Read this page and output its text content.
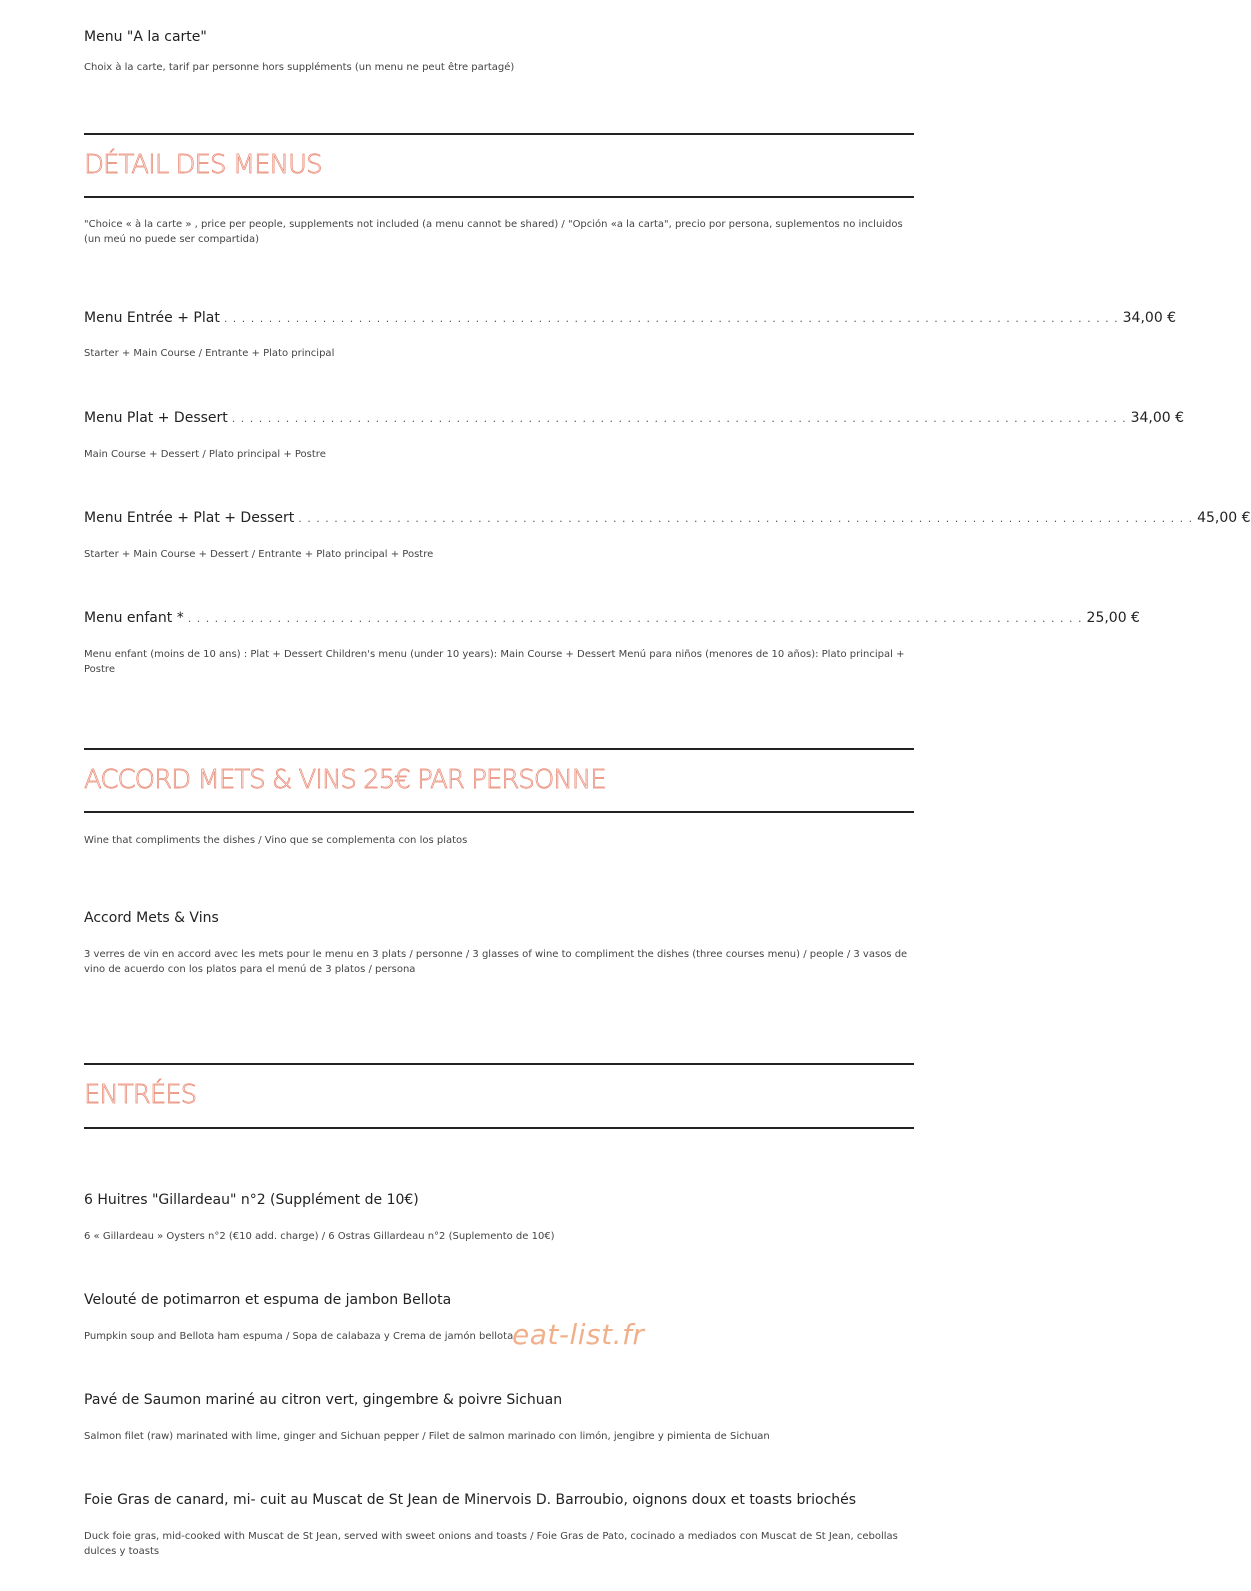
Menu "A la carte"
Choix à la carte, tarif par personne hors suppléments (un menu ne peut être partagé)
DÉTAIL DES MENUS
"Choice « à la carte » , price per people, supplements not included (a menu cannot be shared) / "Opción «a la carta", precio por persona, suplementos no incluidos (un meú no puede ser compartida)
Menu Entrée + Plat . . . . . . . . . . . . . . . . . . . . . . . . . . . . . . . . . . . . . . . . . . . . . . . . . . . . . . . . . . . . . . . . . . . . . . . . . . . . . . . . . . . . . . . . . . . . . . . . . . . . 34,00 €
Starter + Main Course / Entrante + Plato principal
Menu Plat + Dessert . . . . . . . . . . . . . . . . . . . . . . . . . . . . . . . . . . . . . . . . . . . . . . . . . . . . . . . . . . . . . . . . . . . . . . . . . . . . . . . . . . . . . . . . . . . . . . . . . . . . 34,00 €
Main Course + Dessert / Plato principal + Postre
Menu Entrée + Plat + Dessert . . . . . . . . . . . . . . . . . . . . . . . . . . . . . . . . . . . . . . . . . . . . . . . . . . . . . . . . . . . . . . . . . . . . . . . . . . . . . . . . . . . . . . . . . . . . . . . . . . . . 45,00 €
Starter + Main Course + Dessert / Entrante + Plato principal + Postre
Menu enfant * . . . . . . . . . . . . . . . . . . . . . . . . . . . . . . . . . . . . . . . . . . . . . . . . . . . . . . . . . . . . . . . . . . . . . . . . . . . . . . . . . . . . . . . . . . . . . . . . . . . . 25,00 €
Menu enfant (moins de 10 ans) : Plat + Dessert Children's menu (under 10 years): Main Course + Dessert Menú para niños (menores de 10 años): Plato principal + Postre
ACCORD METS & VINS 25€ PAR PERSONNE
Wine that compliments the dishes / Vino que se complementa con los platos
Accord Mets & Vins
3 verres de vin en accord avec les mets pour le menu en 3 plats / personne / 3 glasses of wine to compliment the dishes (three courses menu) / people / 3 vasos de vino de acuerdo con los platos para el menú de 3 platos / persona
ENTRÉES
6 Huitres "Gillardeau" n°2 (Supplément de 10€)
6 « Gillardeau » Oysters n°2 (€10 add. charge) / 6 Ostras Gillardeau n°2 (Suplemento de 10€)
Velouté de potimarron et espuma de jambon Bellota
Pumpkin soup and Bellota ham espuma / Sopa de calabaza y Crema de jamón bellota
Pavé de Saumon mariné au citron vert, gingembre & poivre Sichuan
Salmon filet (raw) marinated with lime, ginger and Sichuan pepper / Filet de salmon marinado con limón, jengibre y pimienta de Sichuan
Foie Gras de canard, mi- cuit au Muscat de St Jean de Minervois D. Barroubio, oignons doux et toasts briochés
Duck foie gras, mid-cooked with Muscat de St Jean, served with sweet onions and toasts / Foie Gras de Pato, cocinado a mediados con Muscat de St Jean, cebollas dulces y toasts
eat-list.fr
